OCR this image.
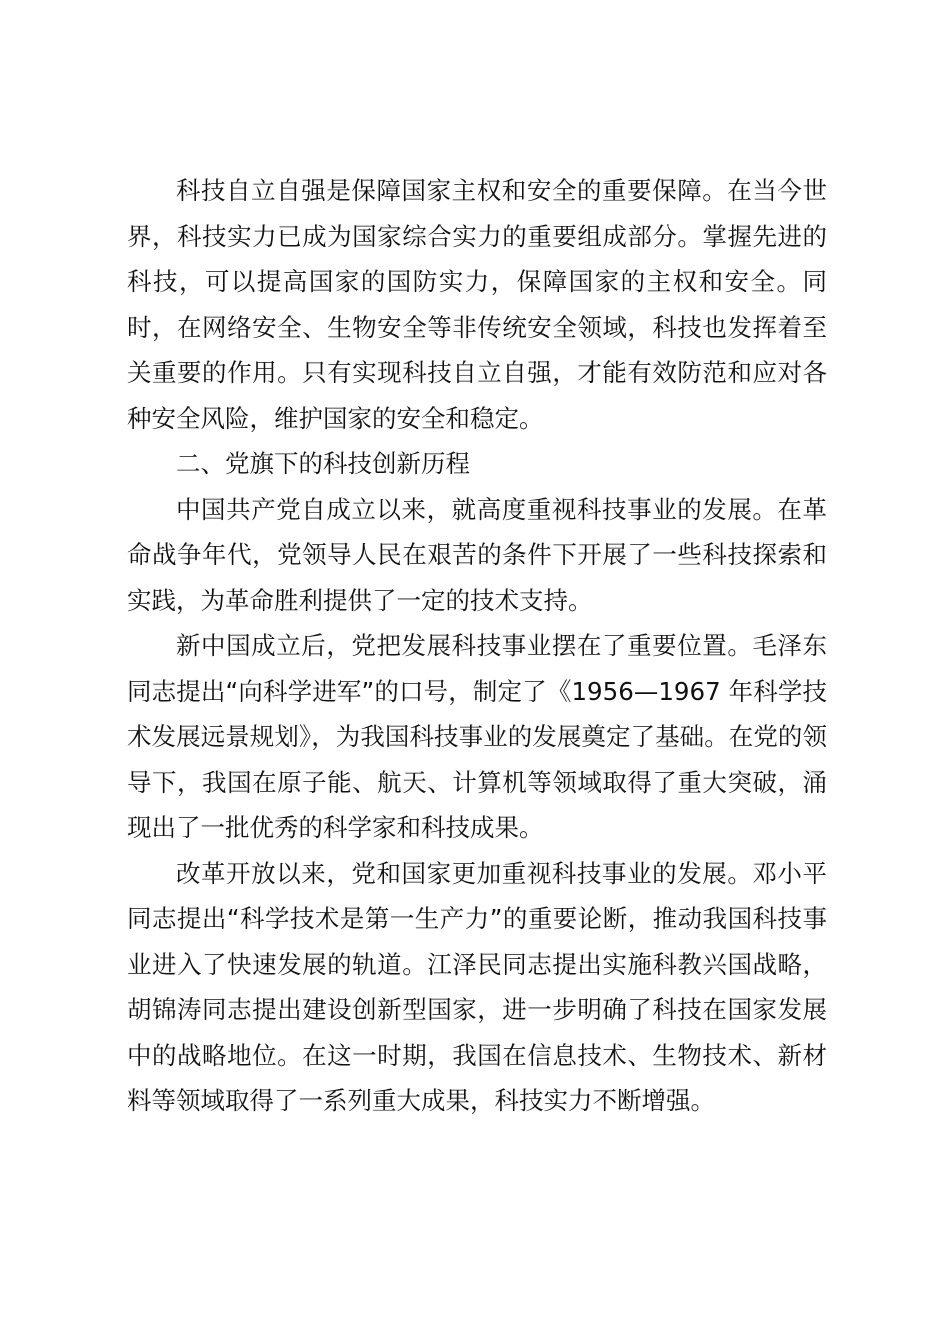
科技自立自强是保障国家主权和安全的重要保障。在当今世界，科技实力已成为国家综合实力的重要组成部分。掌握先进的科技，可以提高国家的国防实力，保障国家的主权和安全。同时，在网络安全、生物安全等非传统安全领域，科技也发挥着至关重要的作用。只有实现科技自立自强，才能有效防范和应对各种安全风险，维护国家的安全和稳定。

二、党旗下的科技创新历程

中国共产党自成立以来，就高度重视科技事业的发展。在革命战争年代，党领导人民在艰苦的条件下开展了一些科技探索和实践，为革命胜利提供了一定的技术支持。

新中国成立后，党把发展科技事业摆在了重要位置。毛泽东同志提出“向科学进军”的口号，制定了《1956—1967 年科学技术发展远景规划》，为我国科技事业的发展奠定了基础。在党的领导下，我国在原子能、航天、计算机等领域取得了重大突破，涌现出了一批优秀的科学家和科技成果。

改革开放以来，党和国家更加重视科技事业的发展。邓小平同志提出“科学技术是第一生产力”的重要论断，推动我国科技事业进入了快速发展的轨道。江泽民同志提出实施科教兴国战略，胡锦涛同志提出建设创新型国家，进一步明确了科技在国家发展中的战略地位。在这一时期，我国在信息技术、生物技术、新材料等领域取得了一系列重大成果，科技实力不断增强。
